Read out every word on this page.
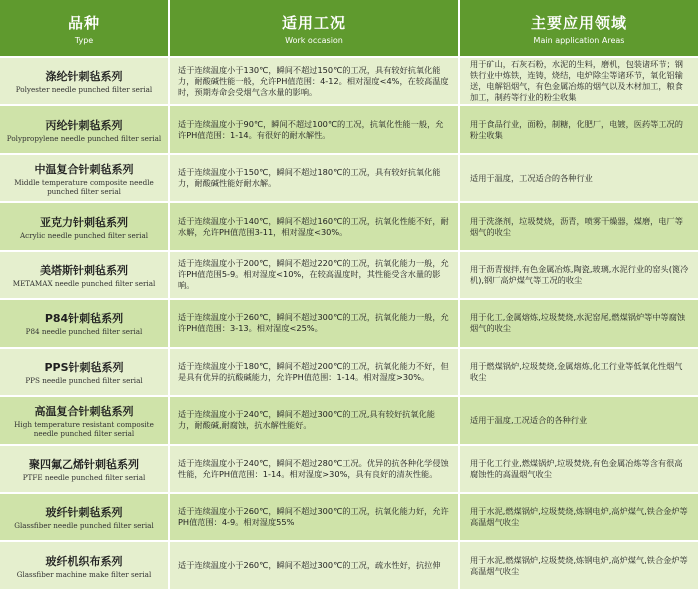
品种
Type
适用工况
Work occasion
主要应用领域
Main application Areas
涤纶针刺毡系列
Polyester needle punched filter serial
适于连续温度小于130℃，瞬间不超过150℃的工况，具有较好抗氧化能力，耐酸碱性能一般，允许PH值范围：4-12。相对湿度<4%，在较高温度时，预期寿命会受烟气含水量的影响。
用于矿山，石灰石粉，水泥的生料，磨机，包装诸环节；钢铁行业中炼铁，连铸，烧结，电炉除尘等诸环节，氧化铝输送，电解铝烟气，有色金属冶炼的烟气以及木材加工，粮食加工，制药等行业的粉尘收集
丙纶针刺毡系列
Polypropylene needle punched filter serial
适于连续温度小于90℃，瞬间不超过100℃的工况，抗氧化性能一般，允许PH值范围：1-14。有很好的耐水解性。
用于食品行业，面粉，制糖，化肥厂，电镀，医药等工况的粉尘收集
中温复合针刺毡系列
Middle temperature composite needle punched filter serial
适于连续温度小于150℃，瞬间不超过180℃的工况，具有较好抗氧化能力，耐酸碱性能好耐水解。
适用于温度，工况适合的各种行业
亚克力针刺毡系列
Acrylic needle punched filter serial
适于连续温度小于140℃，瞬间不超过160℃的工况，抗氧化性能不好，耐水解，允许PH值范围3-11，相对湿度<30%。
用于洗涤剂，垃圾焚烧，沥青，喷雾干燥器，煤磨，电厂等烟气的收尘
美塔斯针刺毡系列
METAMAX needle punched filter serial
适于连续温度小于200℃，瞬间不超过220℃的工况，抗氧化能力一般，允许PH值范围5-9。相对湿度<10%，在较高温度时，其性能受含水量的影响。
用于沥青搅拌,有色金属冶炼,陶瓷,玻璃,水泥行业的窑头(篦冷机),钢厂高炉煤气等工况的收尘
P84针刺毡系列
P84 needle punched filter serial
适于连续温度小于260℃，瞬间不超过300℃的工况，抗氧化能力一般，允许PH值范围：3-13。相对湿度<25%。
用于化工,金属熔炼,垃圾焚烧,水泥窑尾,燃煤锅炉等中等腐蚀烟气的收尘
PPS针刺毡系列
PPS needle punched filter serial
适于连续温度小于180℃，瞬间不超过200℃的工况，抗氧化能力不好，但是具有优异的抗酸碱能力，允许PH值范围：1-14。相对湿度>30%。
用于燃煤锅炉,垃圾焚烧,金属熔炼,化工行业等低氧化性烟气收尘
高温复合针刺毡系列
High temperature resistant composite needle punched filter serial
适于连续温度小于240℃，瞬间不超过300℃的工况,具有较好抗氧化能力，耐酸碱,耐腐蚀，抗水解性能好。
适用于温度,工况适合的各种行业
聚四氟乙烯针刺毡系列
PTFE needle punched filter serial
适于连续温度小于240℃，瞬间不超过280℃工况。优异的抗各种化学侵蚀性能，允许PH值范围：1-14。相对湿度>30%，具有良好的清灰性能。
用于化工行业,燃煤锅炉,垃圾焚烧,有色金属冶炼等含有很高腐蚀性的高温烟气收尘
玻纤针刺毡系列
Glassfiber needle punched filter serial
适于连续温度小于260℃，瞬间不超过300℃的工况，抗氧化能力好，允许PH值范围：4-9。相对湿度55%
用于水泥,燃煤锅炉,垃圾焚烧,炼钢电炉,高炉煤气,铁合金炉等高温烟气收尘
玻纤机织布系列
Glassfiber machine make filter serial
适于连续温度小于260℃，瞬间不超过300℃的工况，疏水性好，抗拉伸
用于水泥,燃煤锅炉,垃圾焚烧,炼钢电炉,高炉煤气,铁合金炉等高温烟气收尘
